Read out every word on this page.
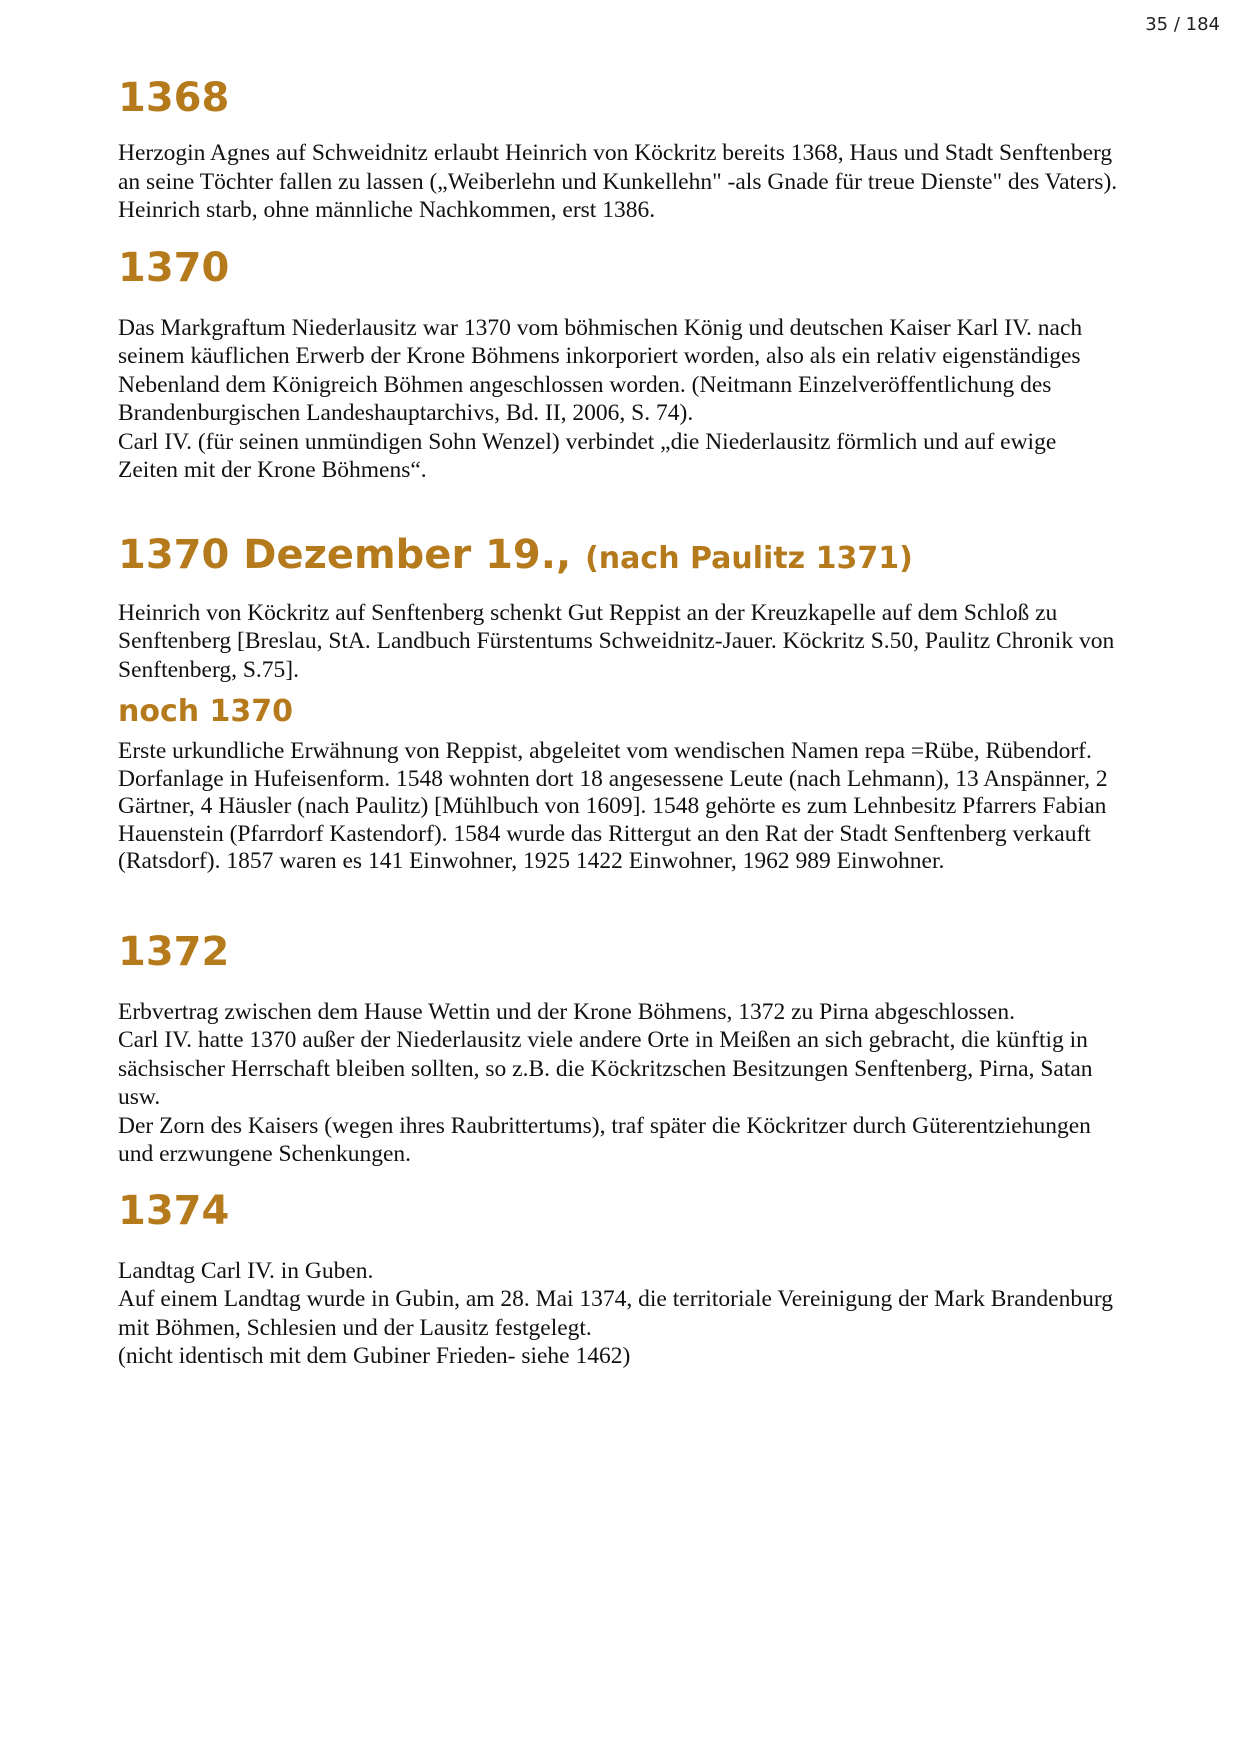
35 / 184
1368

Herzogin Agnes auf Schweidnitz erlaubt Heinrich von Köckritz bereits 1368, Haus und Stadt Senftenberg
an seine Töchter fallen zu lassen („Weiberlehn und Kunkellehn" -als Gnade für treue Dienste" des Vaters).
Heinrich starb, ohne männliche Nachkommen, erst 1386.

1370

Das Markgraftum Niederlausitz war 1370 vom böhmischen König und deutschen Kaiser Karl IV. nach
seinem käuflichen Erwerb der Krone Böhmens inkorporiert worden, also als ein relativ eigenständiges
Nebenland dem Königreich Böhmen angeschlossen worden. (Neitmann Einzelveröffentlichung des
Brandenburgischen Landeshauptarchivs, Bd. II, 2006, S. 74).
Carl IV. (für seinen unmündigen Sohn Wenzel) verbindet „die Niederlausitz förmlich und auf ewige
Zeiten mit der Krone Böhmens“.

1370 Dezember 19., (nach Paulitz 1371)

Heinrich von Köckritz auf Senftenberg schenkt Gut Reppist an der Kreuzkapelle auf dem Schloß zu
Senftenberg [Breslau, StA. Landbuch Fürstentums Schweidnitz-Jauer. Köckritz S.50, Paulitz Chronik von
Senftenberg, S.75].

noch 1370

Erste urkundliche Erwähnung von Reppist, abgeleitet vom wendischen Namen repa =Rübe, Rübendorf.
Dorfanlage in Hufeisenform. 1548 wohnten dort 18 angesessene Leute (nach Lehmann), 13 Anspänner, 2
Gärtner, 4 Häusler (nach Paulitz) [Mühlbuch von 1609]. 1548 gehörte es zum Lehnbesitz Pfarrers Fabian
Hauenstein (Pfarrdorf Kastendorf). 1584 wurde das Rittergut an den Rat der Stadt Senftenberg verkauft
(Ratsdorf). 1857 waren es 141 Einwohner, 1925 1422 Einwohner, 1962 989 Einwohner.

1372

Erbvertrag zwischen dem Hause Wettin und der Krone Böhmens, 1372 zu Pirna abgeschlossen.
Carl IV. hatte 1370 außer der Niederlausitz viele andere Orte in Meißen an sich gebracht, die künftig in
sächsischer Herrschaft bleiben sollten, so z.B. die Köckritzschen Besitzungen Senftenberg, Pirna, Satan
usw.
Der Zorn des Kaisers (wegen ihres Raubrittertums), traf später die Köckritzer durch Güterentziehungen
und erzwungene Schenkungen.

1374

Landtag Carl IV. in Guben.
Auf einem Landtag wurde in Gubin, am 28. Mai 1374, die territoriale Vereinigung der Mark Brandenburg
mit Böhmen, Schlesien und der Lausitz festgelegt.
(nicht identisch mit dem Gubiner Frieden- siehe 1462)
